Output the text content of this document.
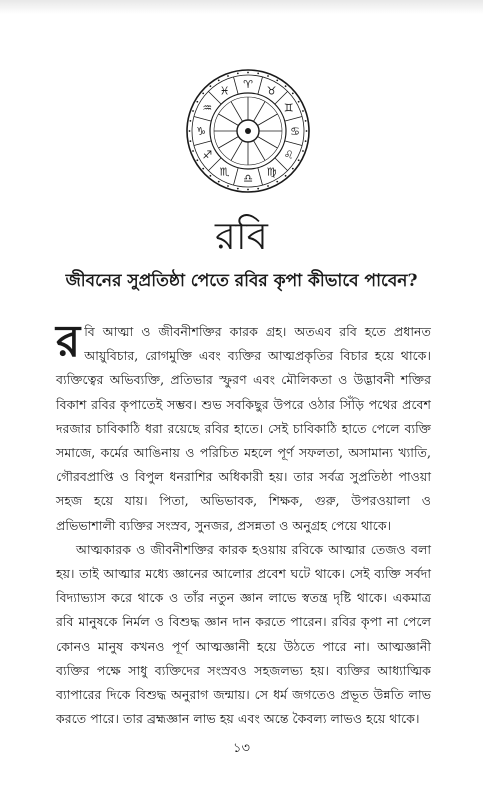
♈ ♉
♊
♋
♌
♍
♎
♏
♐
♑
♒
♓
রবি
জীবনের সুপ্রতিষ্ঠা পেতে রবির কৃপা কীভাবে পাবেন?

রবি আত্মা ও জীবনীশক্তির কারক গ্রহ। অতএব রবি হতে প্রধানত আয়ুবিচার, রোগমুক্তি এবং ব্যক্তির আত্মপ্রকৃতির বিচার হয়ে থাকে। ব্যক্তিত্বের অভিব্যক্তি, প্রতিভার স্ফুরণ এবং মৌলিকতা ও উদ্ভাবনী শক্তির বিকাশ রবির কৃপাতেই সম্ভব। শুভ সবকিছুর উপরে ওঠার সিঁড়ি পথের প্রবেশ দরজার চাবিকাঠি ধরা রয়েছে রবির হাতে। সেই চাবিকাঠি হাতে পেলে ব্যক্তি সমাজে, কর্মের আঙিনায় ও পরিচিত মহলে পূর্ণ সফলতা, অসামান্য খ্যাতি, গৌরবপ্রাপ্তি ও বিপুল ধনরাশির অধিকারী হয়। তার সর্বত্র সুপ্রতিষ্ঠা পাওয়া সহজ হয়ে যায়। পিতা, অভিভাবক, শিক্ষক, গুরু, উপরওয়ালা ও প্রভিভাশালী ব্যক্তির সংস্রব, সুনজর, প্রসন্নতা ও অনুগ্রহ পেয়ে থাকে।

আত্মকারক ও জীবনীশক্তির কারক হওয়ায় রবিকে আত্মার তেজও বলা হয়। তাই আত্মার মধ্যে জ্ঞানের আলোর প্রবেশ ঘটে থাকে। সেই ব্যক্তি সর্বদা বিদ্যাভ্যাস করে থাকে ও তাঁর নতুন জ্ঞান লাভে স্বতন্ত্র দৃষ্টি থাকে। একমাত্র রবি মানুষকে নির্মল ও বিশুদ্ধ জ্ঞান দান করতে পারেন। রবির কৃপা না পেলে কোনও মানুষ কখনও পূর্ণ আত্মজ্ঞানী হয়ে উঠতে পারে না। আত্মজ্ঞানী ব্যক্তির পক্ষে সাধু ব্যক্তিদের সংস্রবও সহজলভ্য হয়। ব্যক্তির আধ্যাত্মিক ব্যাপারের দিকে বিশুদ্ধ অনুরাগ জন্মায়। সে ধর্ম জগতেও প্রভূত উন্নতি লাভ করতে পারে। তার ব্রহ্মজ্ঞান লাভ হয় এবং অন্তে কৈবল্য লাভও হয়ে থাকে।

১৩
